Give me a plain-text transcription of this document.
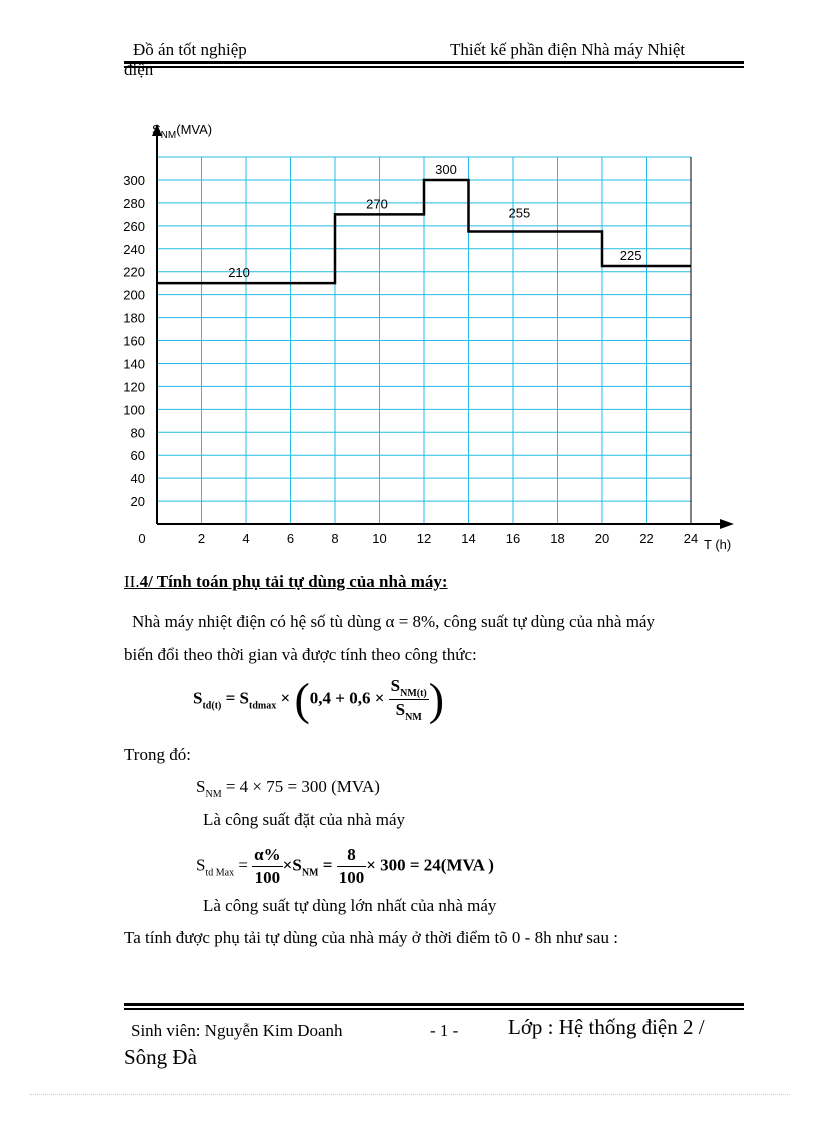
Đồ án tốt nghiệp	Thiết kế phần điện Nhà máy Nhiệt
điện
0	2	4	6	8	10 12 14 16 18 20 22 24
20
40
60
80
100
120
140
160
180
200
220
240
260
280
300
210
270
300
255
225
$S_{NM}(MVA)$
T (h)
II.4/ Tính toán phụ tải tự dùng của nhà máy:
Nhà máy nhiệt điện có hệ số tù dùng α = 8%, công suất tự dùng của nhà máy
biến đổi theo thời gian và được tính theo công thức:
$S_{td(t)} = S_{tdmax} \times (0,4 + 0,6 \times \frac{S_{NM(t)}}{S_{NM}}$ )
Trong đó:
$S_{NM} = 4 \times 75 = 300$ (MVA)
Là công suất đặt của nhà máy
$S_{td Max} = \frac{\alpha\%}{100} \times S_{NM} = \frac{8}{100} \times 300 = 24(MVA$ )
Là công suất tự dùng lớn nhất của nhà máy
Ta tính được phụ tải tự dùng của nhà máy ở thời điểm tõ 0 - 8h như sau :
Sinh viên: Nguyễn Kim Doanh	- 1 - Lớp : Hệ thống điện 2 /
Sông Đà
